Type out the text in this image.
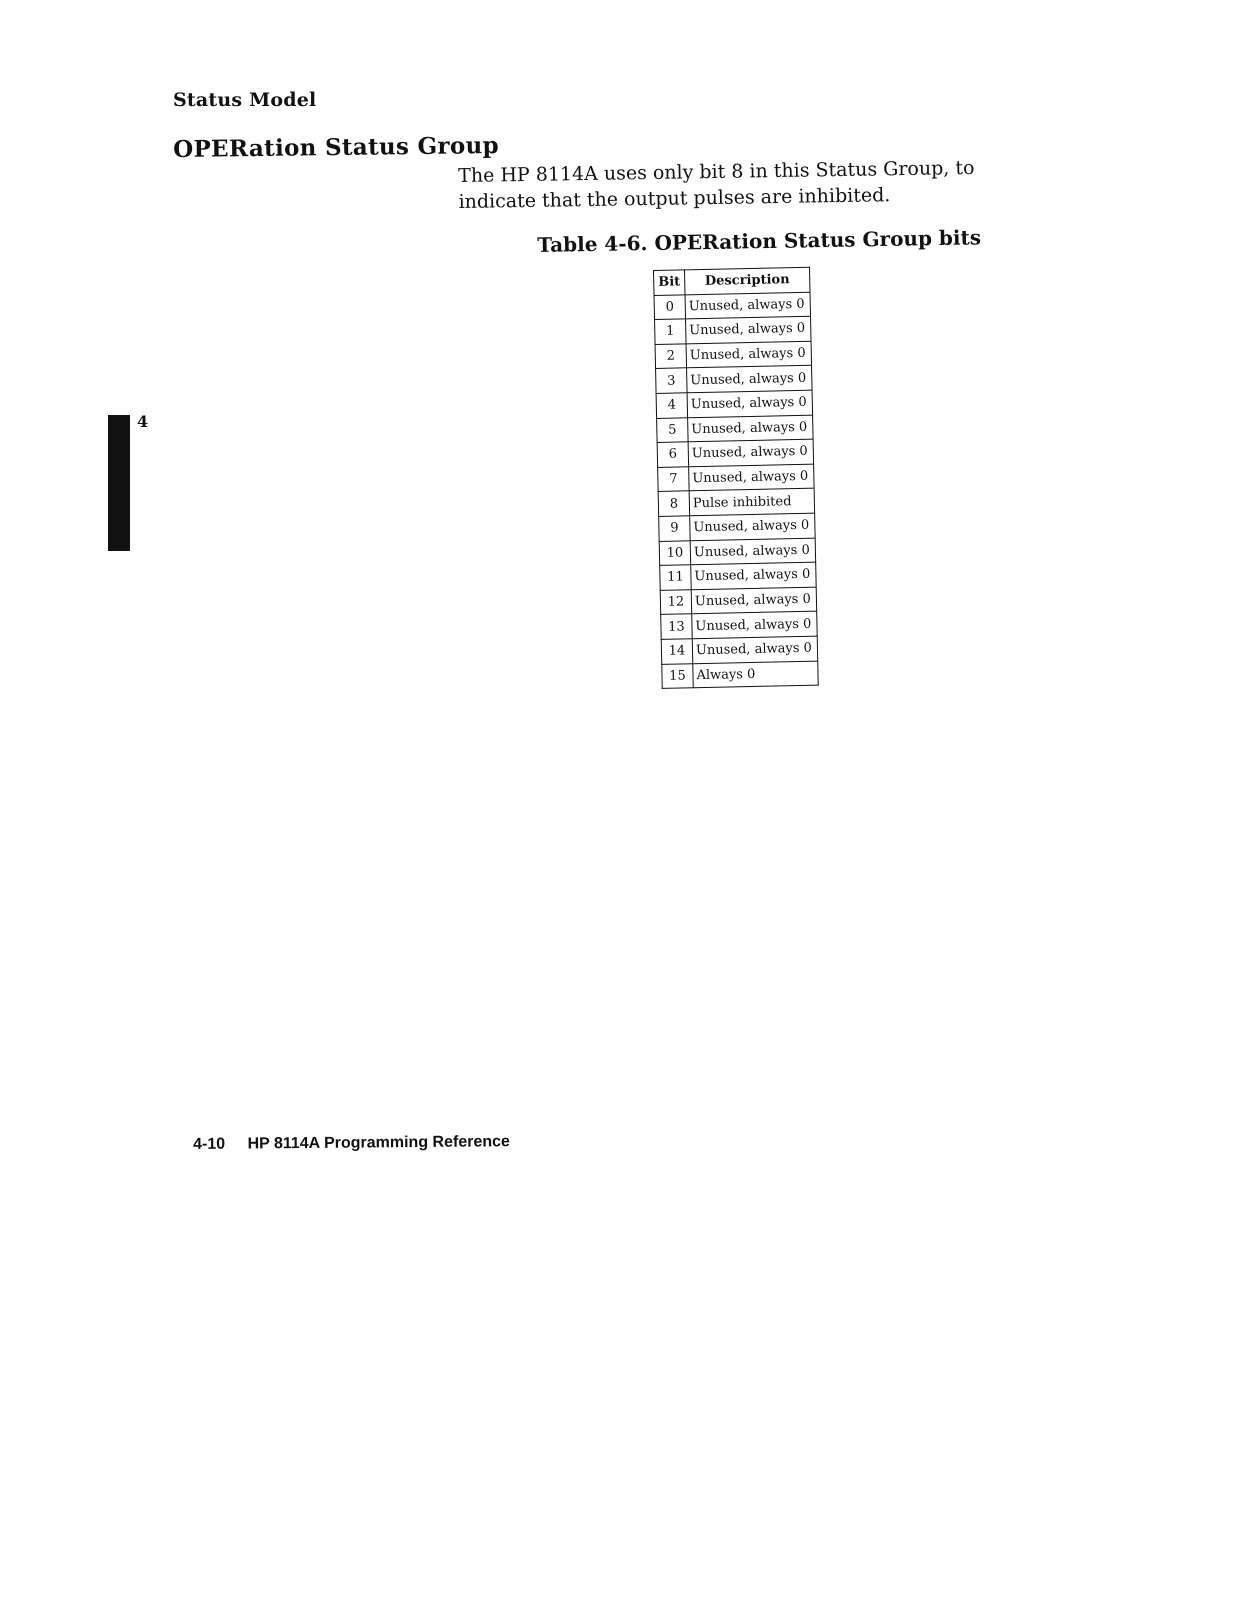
Status Model
OPERation Status Group

The HP 8114A uses only bit 8 in this Status Group, to indicate that the output pulses are inhibited.

Table 4-6. OPERation Status Group bits
Bit	Description
0	Unused, always 0
1	Unused, always 0
2	Unused, always 0
3	Unused, always 0
4	Unused, always 0
5	Unused, always 0
6	Unused, always 0
7	Unused, always 0
8	Pulse inhibited
9	Unused, always 0
10	Unused, always 0
11	Unused, always 0
12	Unused, always 0
13	Unused, always 0
14	Unused, always 0
15	Always 0
4
4-10 HP 8114A Programming Reference
